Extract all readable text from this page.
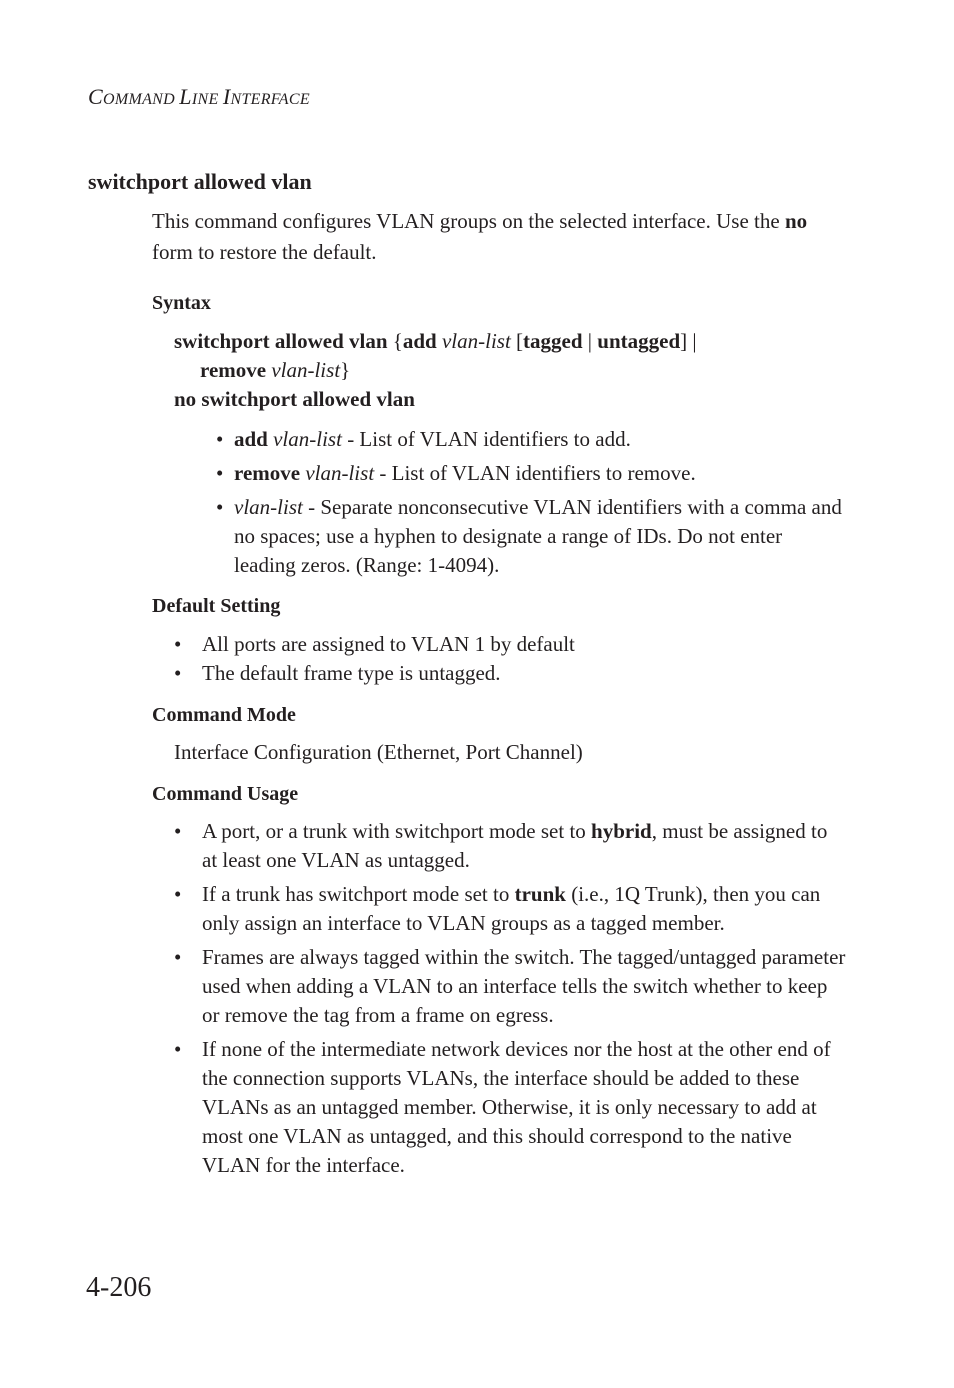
COMMAND LINE INTERFACE
switchport allowed vlan
This command configures VLAN groups on the selected interface. Use the no form to restore the default.
Syntax
switchport allowed vlan {add vlan-list [tagged | untagged] |
remove vlan-list}
no switchport allowed vlan
• add vlan-list - List of VLAN identifiers to add.
• remove vlan-list - List of VLAN identifiers to remove.
• vlan-list - Separate nonconsecutive VLAN identifiers with a comma and no spaces; use a hyphen to designate a range of IDs. Do not enter leading zeros. (Range: 1-4094).
Default Setting
• All ports are assigned to VLAN 1 by default
• The default frame type is untagged.
Command Mode
Interface Configuration (Ethernet, Port Channel)
Command Usage
• A port, or a trunk with switchport mode set to hybrid, must be assigned to at least one VLAN as untagged.
• If a trunk has switchport mode set to trunk (i.e., 1Q Trunk), then you can only assign an interface to VLAN groups as a tagged member.
• Frames are always tagged within the switch. The tagged/untagged parameter used when adding a VLAN to an interface tells the switch whether to keep or remove the tag from a frame on egress.
• If none of the intermediate network devices nor the host at the other end of the connection supports VLANs, the interface should be added to these VLANs as an untagged member. Otherwise, it is only necessary to add at most one VLAN as untagged, and this should correspond to the native VLAN for the interface.
4-206
